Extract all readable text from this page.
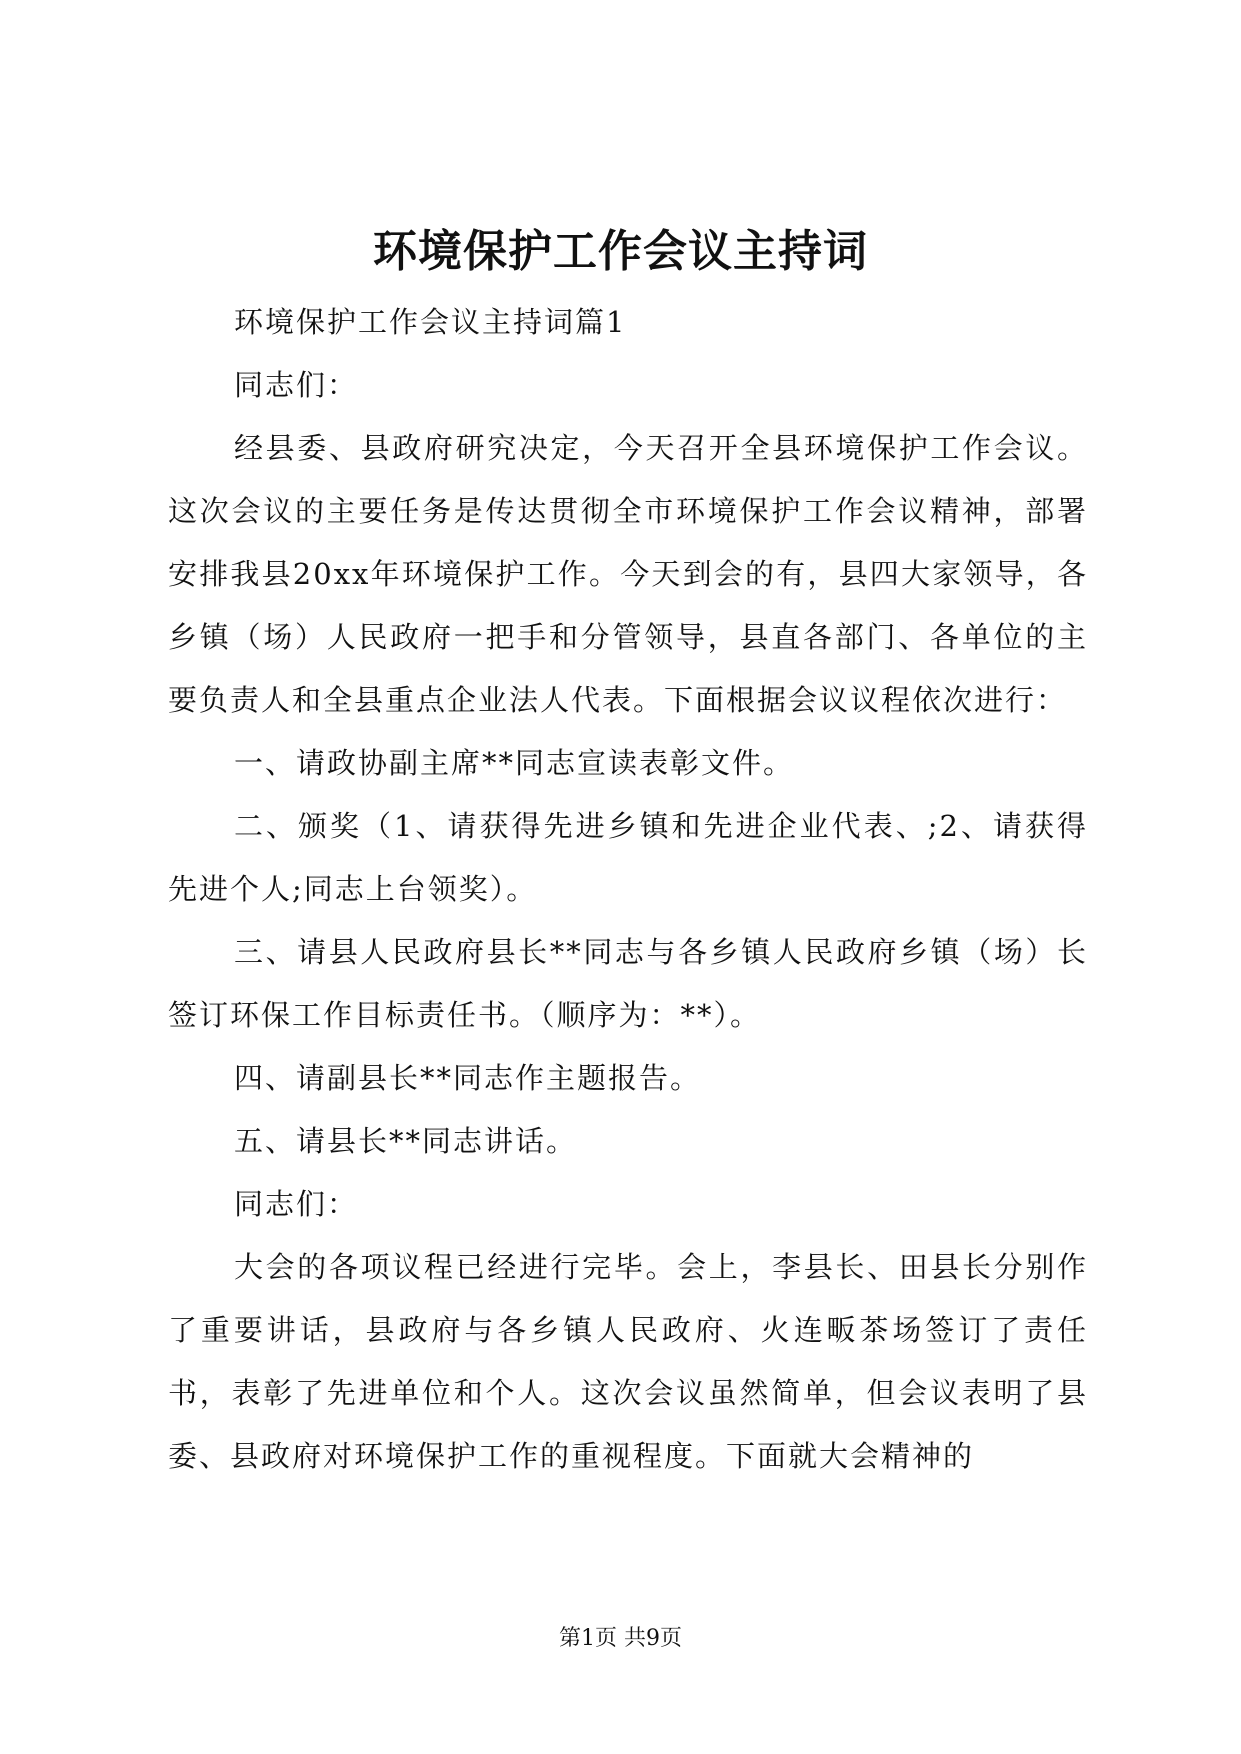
环境保护工作会议主持词

环境保护工作会议主持词篇1

同志们：

经县委、县政府研究决定，今天召开全县环境保护工作会议。这次会议的主要任务是传达贯彻全市环境保护工作会议精神，部署安排我县20xx年环境保护工作。今天到会的有，县四大家领导，各乡镇（场）人民政府一把手和分管领导，县直各部门、各单位的主要负责人和全县重点企业法人代表。下面根据会议议程依次进行：

一、请政协副主席**同志宣读表彰文件。

二、颁奖（1、请获得先进乡镇和先进企业代表、;2、请获得先进个人;同志上台领奖）。

三、请县人民政府县长**同志与各乡镇人民政府乡镇（场）长签订环保工作目标责任书。（顺序为：**）。

四、请副县长**同志作主题报告。

五、请县长**同志讲话。

同志们：

大会的各项议程已经进行完毕。会上，李县长、田县长分别作了重要讲话，县政府与各乡镇人民政府、火连畈茶场签订了责任书，表彰了先进单位和个人。这次会议虽然简单，但会议表明了县委、县政府对环境保护工作的重视程度。下面就大会精神的

第1页 共9页
